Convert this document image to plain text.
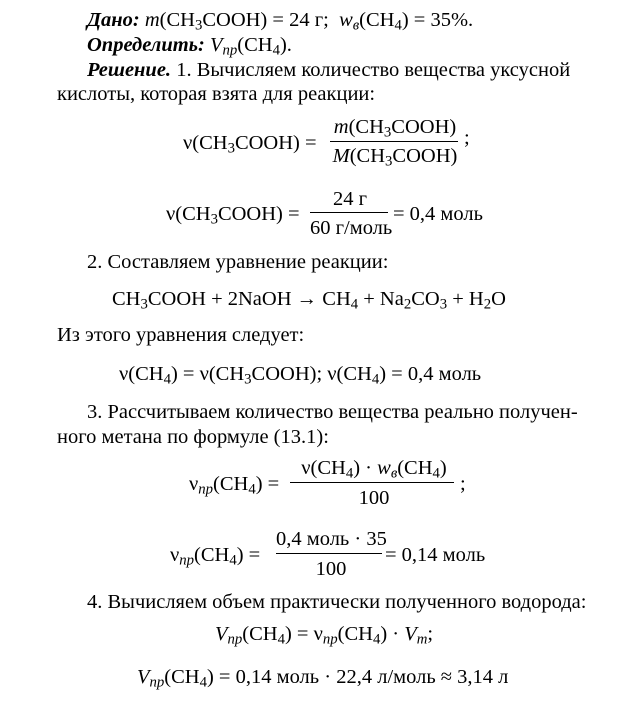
Дано: $m(CH_3COOH) = 24$ г; $w_в(CH_4) = 35\%$.
Определить: $V_{пр}(CH_4)$.
Решение. 1. Вычисляем количество вещества уксусной
кислоты, которая взята для реакции:
$\nu(CH_3COOH)$ =
$m(CH_3COOH)$
$M(CH_3COOH)$
;
$\nu(CH_3COOH)$ =
24 г
60 г/моль
= 0,4 моль
2. Составляем уравнение реакции:
$CH_3COOH$ + 2NaOH → $CH_4 + Na_2CO_3 + H_2O$
Из этого уравнения следует:
$\nu(CH_4)$ = $\nu(CH_3COOH)$; $\nu(CH_4) = 0,4$ моль
3. Рассчитываем количество вещества реально получен-
ного метана по формуле (13.1):
$\nu_{пр}(CH_4)$ =
$\nu(CH_4) \cdot w_в(CH_4)$
100
;
$\nu_{пр}(CH_4)$ =
0,4 моль · 35
100
= 0,14 моль
4. Вычисляем объем практически полученного водорода:
$V_{пр}(CH_4) = \nu_{пр}(CH_4) \cdot V_m$;
$V_{пр}(CH_4) = 0,14$ моль · 22,4 л/моль ≈ 3,14 л
